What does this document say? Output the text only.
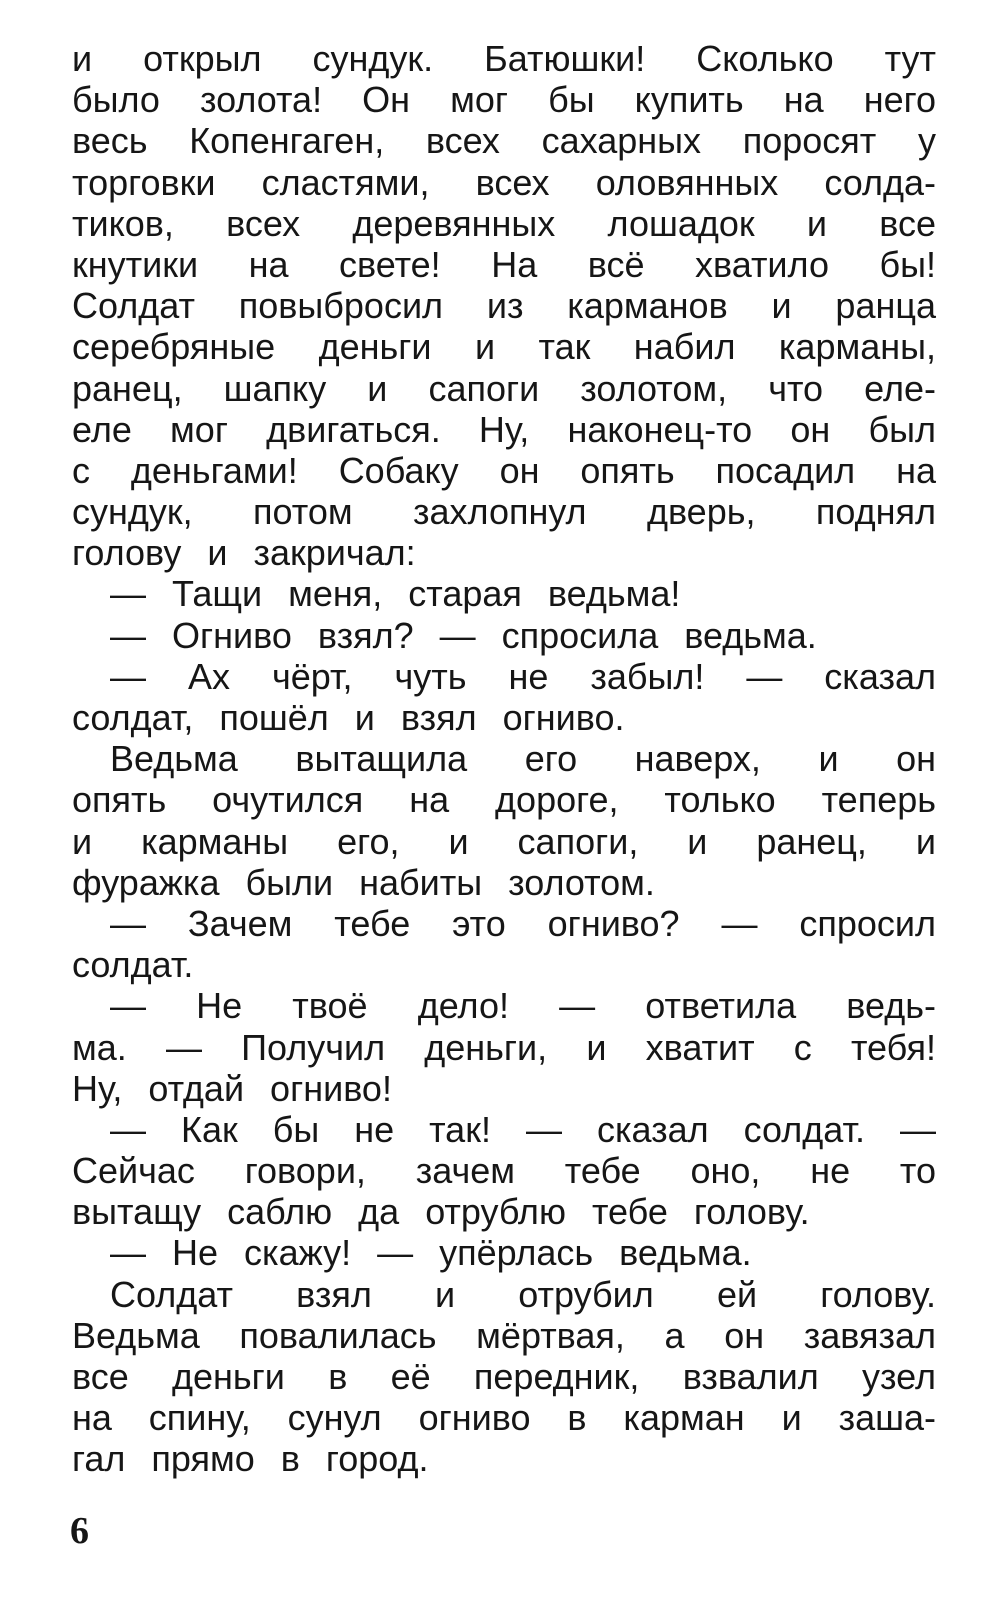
и открыл сундук. Батюшки! Сколько тут
было золота! Он мог бы купить на него
весь Копенгаген, всех сахарных поросят у
торговки сластями, всех оловянных солда-
тиков, всех деревянных лошадок и все
кнутики на свете! На всё хватило бы!
Солдат повыбросил из карманов и ранца
серебряные деньги и так набил карманы,
ранец, шапку и сапоги золотом, что еле-
еле мог двигаться. Ну, наконец-то он был
с деньгами! Собаку он опять посадил на
сундук, потом захлопнул дверь, поднял
голову и закричал:
— Тащи меня, старая ведьма!
— Огниво взял? — спросила ведьма.
— Ах чёрт, чуть не забыл! — сказал
солдат, пошёл и взял огниво.
Ведьма вытащила его наверх, и он
опять очутился на дороге, только теперь
и карманы его, и сапоги, и ранец, и
фуражка были набиты золотом.
— Зачем тебе это огниво? — спросил
солдат.
— Не твоё дело! — ответила ведь-
ма. — Получил деньги, и хватит с тебя!
Ну, отдай огниво!
— Как бы не так! — сказал солдат. —
Сейчас говори, зачем тебе оно, не то
вытащу саблю да отрублю тебе голову.
— Не скажу! — упёрлась ведьма.
Солдат взял и отрубил ей голову.
Ведьма повалилась мёртвая, а он завязал
все деньги в её передник, взвалил узел
на спину, сунул огниво в карман и заша-
гал прямо в город.
6
